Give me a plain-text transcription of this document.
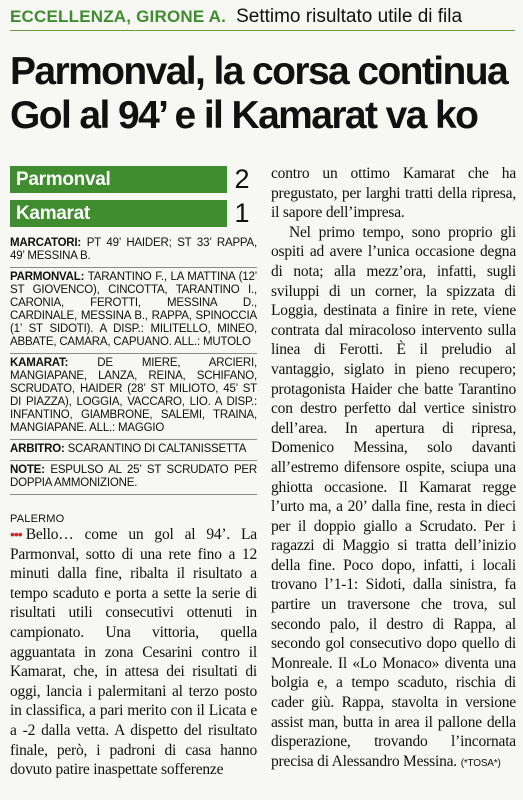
ECCELLENZA, GIRONE A. Settimo risultato utile di fila
Parmonval, la corsa continua
Gol al 94’ e il Kamarat va ko
Parmonval	2
Kamarat	1
MARCATORI: PT 49’ HAIDER; ST 33’ RAPPA, 49’ MESSINA B.
PARMONVAL: TARANTINO F., LA MATTINA (12’ ST GIOVENCO), CINCOTTA, TARANTINO I., CARONIA, FEROTTI, MESSINA D., CARDINALE, MESSINA B., RAPPA, SPINOCCIA (1’ ST SIDOTI). A DISP.: MILITELLO, MINEO, ABBATE, CAMARA, CAPUANO. ALL.: MUTOLO
KAMARAT:	DE MIERE, ARCIERI, MANGIAPANE, LANZA, REINA, SCHIFANO, SCRUDATO, HAIDER (28’ ST MILIOTO, 45’ ST DI PIAZZA), LOGGIA, VACCARO, LIO. A DISP.: INFANTINO, GIAMBRONE, SALEMI, TRAINA, MANGIAPANE. ALL.: MAGGIO
ARBITRO: SCARANTINO DI CALTANISSETTA
NOTE: ESPULSO AL 25’ ST SCRUDATO PER DOPPIA AMMONIZIONE.
PALERMO

••• Bello… come un gol al 94’. La Parmonval, sotto di una rete fino a 12 minuti dalla fine, ribalta il risultato a tempo scaduto e porta a sette la serie di risultati utili consecutivi ottenuti in campionato. Una vittoria, quella agguantata in zona Cesarini contro il Kamarat, che, in attesa dei risultati di oggi, lancia i palermitani al terzo posto in classifica, a pari merito con il Licata e a -2 dalla vetta. A dispetto del risultato finale, però, i padroni di casa hanno dovuto patire inaspettate sofferenze

contro un ottimo Kamarat che ha pregustato, per larghi tratti della ripresa, il sapore dell’impresa.

Nel primo tempo, sono proprio gli ospiti ad avere l’unica occasione degna di nota; alla mezz’ora, infatti, sugli sviluppi di un corner, la spizzata di Loggia, destinata a finire in rete, viene contrata dal miracoloso intervento sulla linea di Ferotti. È il preludio al vantaggio, siglato in pieno recupero; protagonista Haider che batte Tarantino con destro perfetto dal vertice sinistro dell’area. In apertura di ripresa, Domenico Messina, solo davanti all’estremo difensore ospite, sciupa una ghiotta occasione. Il Kamarat regge l’urto ma, a 20’ dalla fine, resta in dieci per il doppio giallo a Scrudato. Per i ragazzi di Maggio si tratta dell’inizio della fine. Poco dopo, infatti, i locali trovano l’1-1: Sidoti, dalla sinistra, fa partire un traversone che trova, sul secondo palo, il destro di Rappa, al secondo gol consecutivo dopo quello di Monreale. Il «Lo Monaco» diventa una bolgia e, a tempo scaduto, rischia di cader giù. Rappa, stavolta in versione assist man, butta in area il pallone della disperazione, trovando l’incornata precisa di Alessandro Messina. (*TOSA*)
